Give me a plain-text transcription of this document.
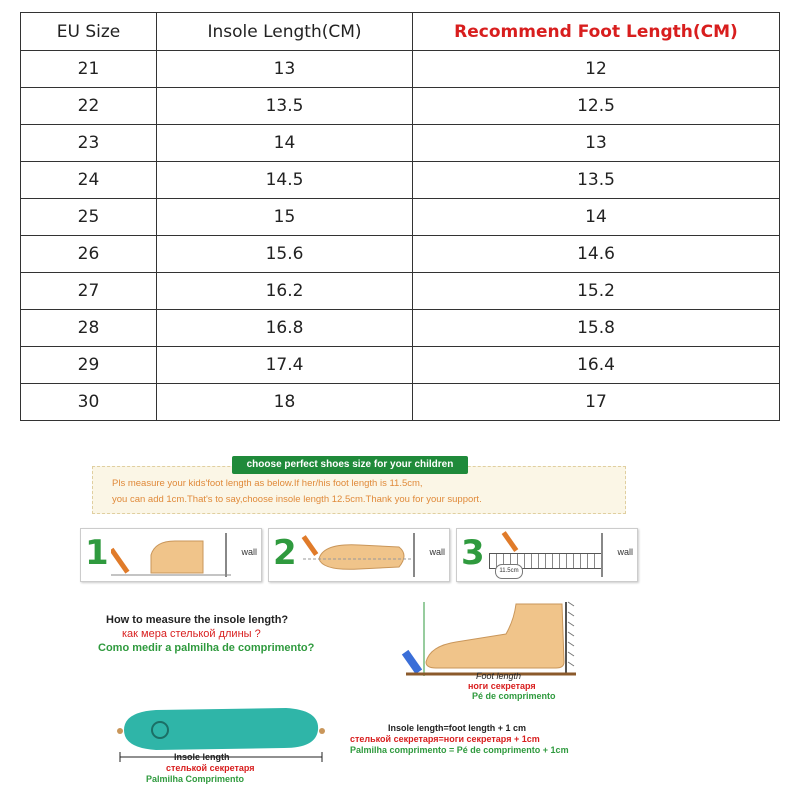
EU Size	Insole Length(CM)	Recommend Foot Length(CM)
21	13	12
22	13.5	12.5
23	14	13
24	14.5	13.5
25	15	14
26	15.6	14.6
27	16.2	15.2
28	16.8	15.8
29	17.4	16.4
30	18	17
choose perfect shoes size for your children
Pls measure your kids'foot length as below.If her/his foot length is 11.5cm,
you can add 1cm.That's to say,choose insole length 12.5cm.Thank you for your support.
1	wall 2	wall 3	11.5cm
wall
How to measure the insole length?
как мера стелькой длины ?
Como medir a palmilha de comprimento?
Foot length
ноги секретаря
Pé de comprimento
Insole length
стелькой секретаря
Palmilha Comprimento
Insole length=foot length + 1 cm
стелькой секретаря=ноги секретаря + 1cm
Palmilha comprimento = Pé de comprimento + 1cm
